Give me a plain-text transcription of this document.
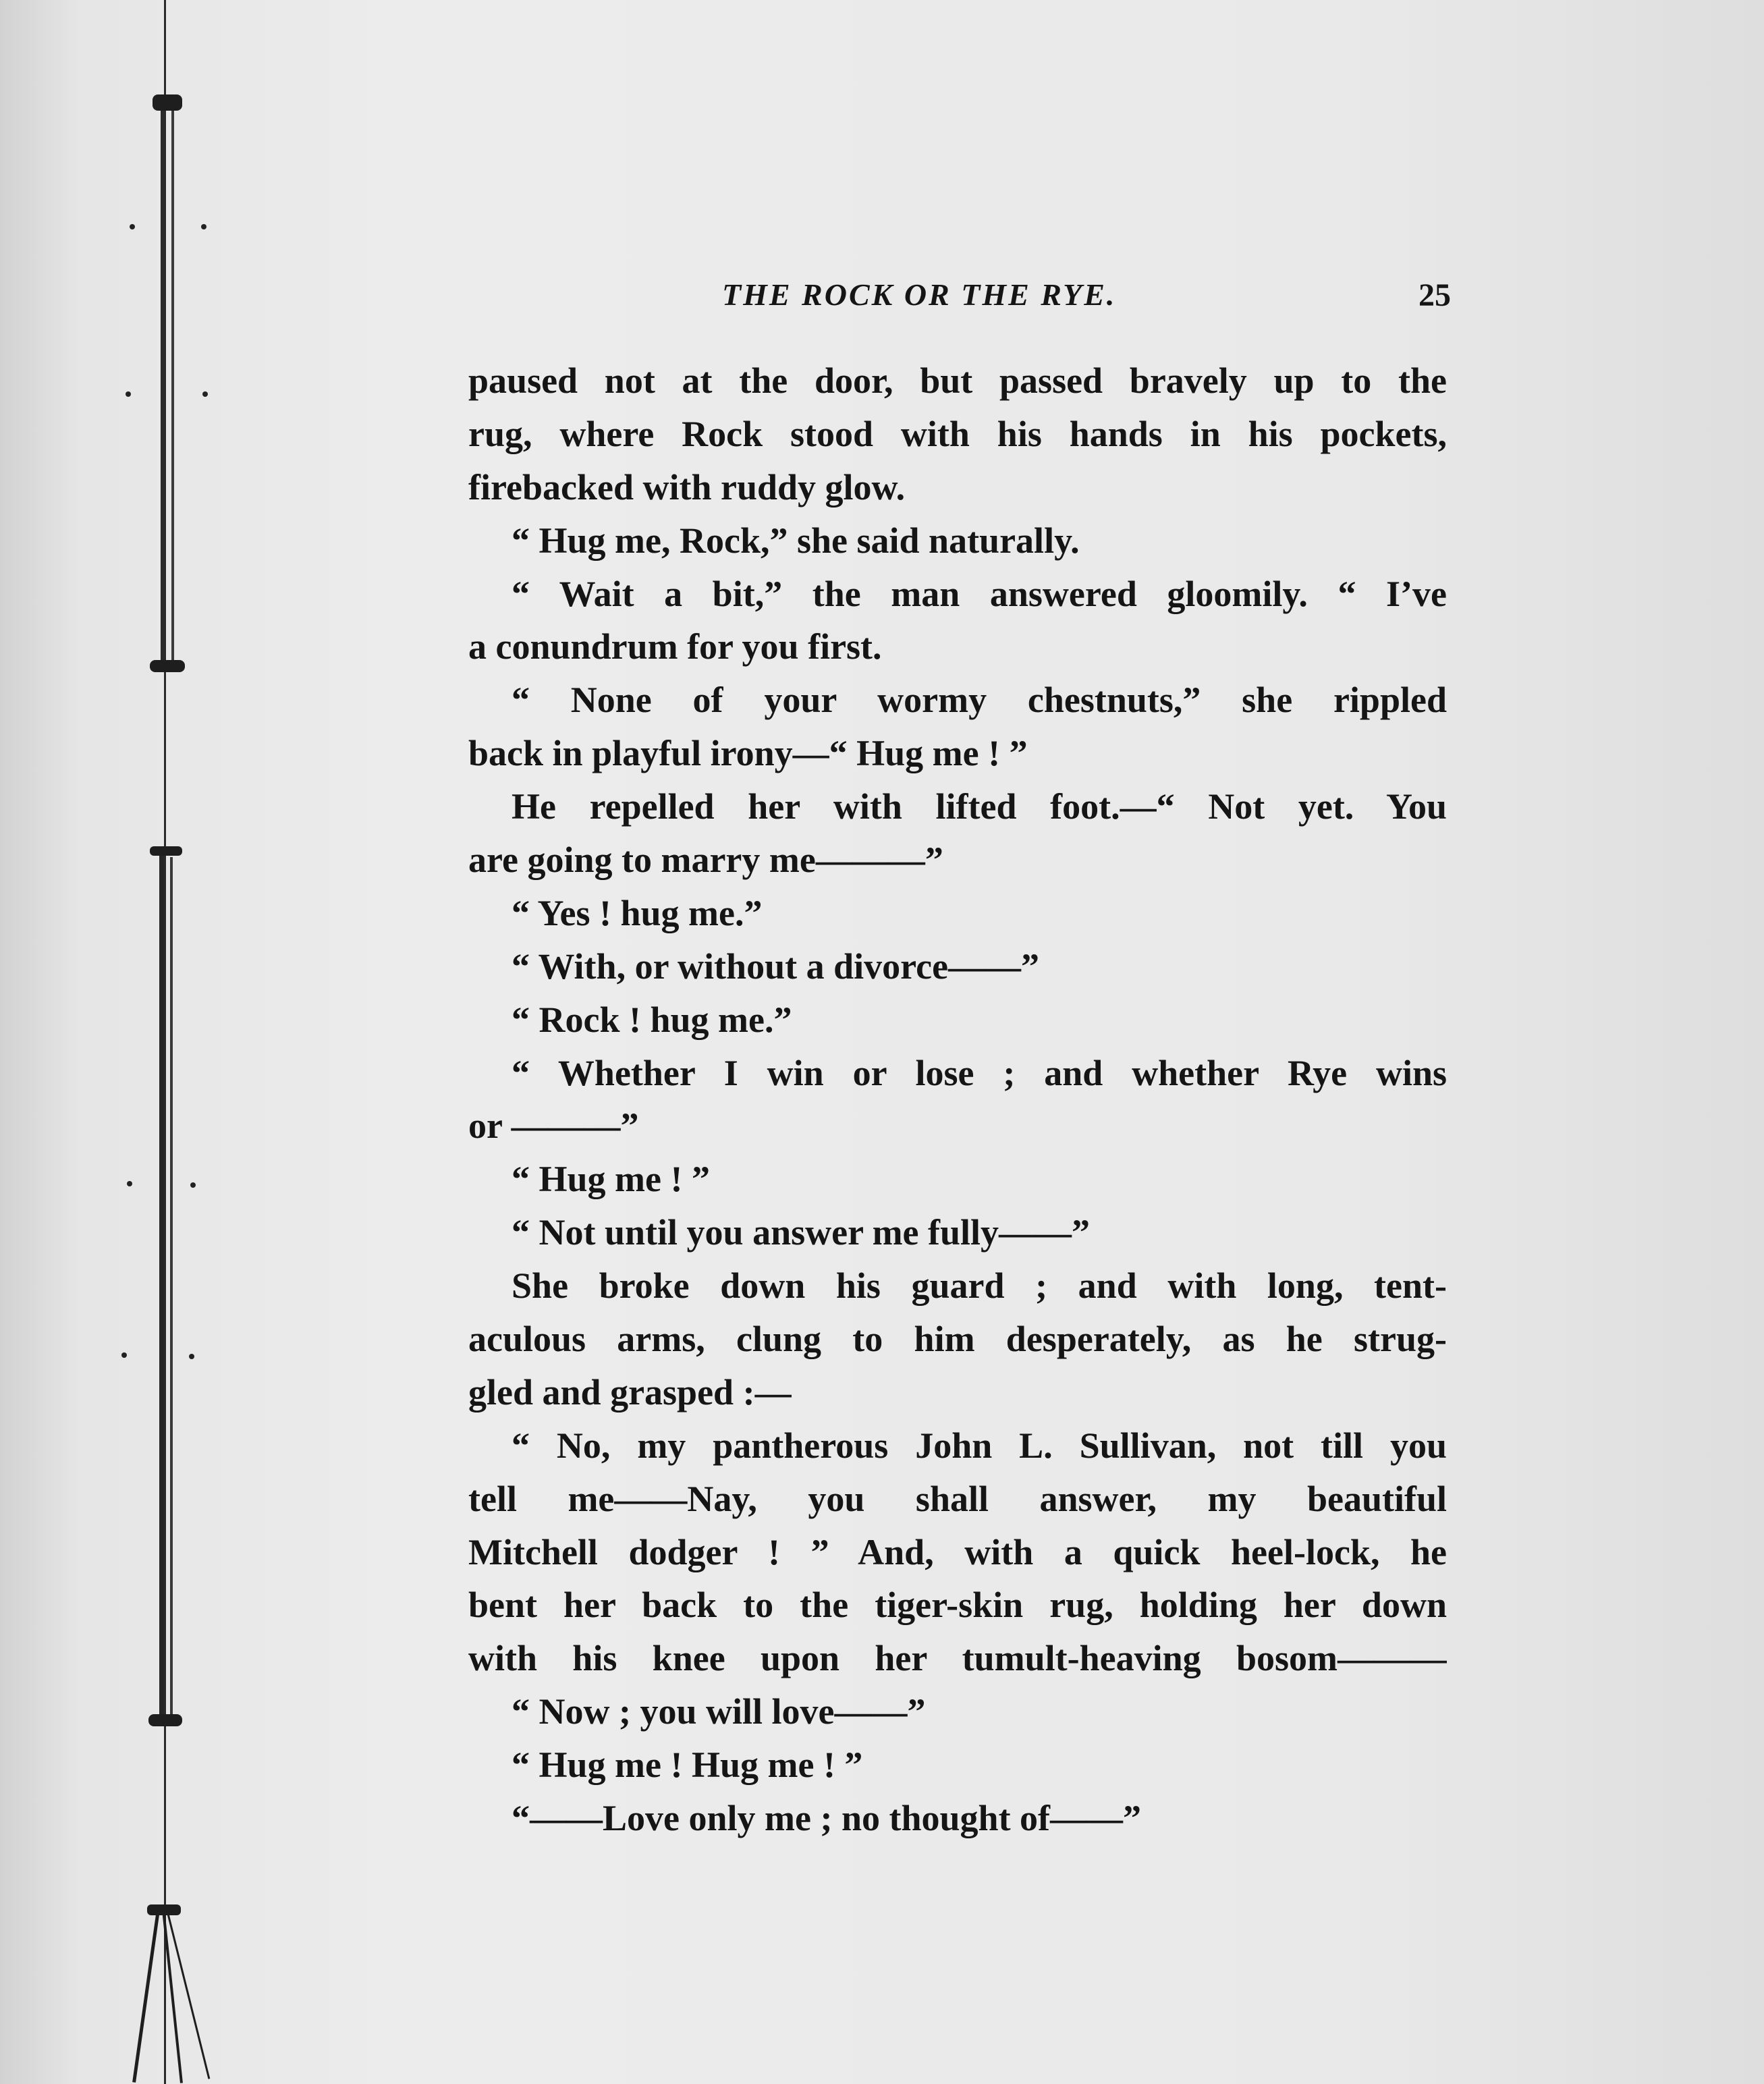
THE ROCK OR THE RYE.	25
paused not at the door, but passed bravely up to the
rug, where Rock stood with his hands in his pockets,
firebacked with ruddy glow.
“ Hug me, Rock,” she said naturally.
“ Wait a bit,” the man answered gloomily. “ I’ve
a conundrum for you first.
“ None of your wormy chestnuts,” she rippled
back in playful irony—“ Hug me ! ”
He repelled her with lifted foot.—“ Not yet. You
are going to marry me———”
“ Yes ! hug me.”
“ With, or without a divorce——”
“ Rock ! hug me.”
“ Whether I win or lose ; and whether Rye wins
or ———”
“ Hug me ! ”
“ Not until you answer me fully——”
She broke down his guard ; and with long, tent-
aculous arms, clung to him desperately, as he strug-
gled and grasped :—
“ No, my pantherous John L. Sullivan, not till you
tell me——Nay, you shall answer, my beautiful
Mitchell dodger ! ” And, with a quick heel-lock, he
bent her back to the tiger-skin rug, holding her down
with his knee upon her tumult-heaving bosom———
“ Now ; you will love——”
“ Hug me ! Hug me ! ”
“——Love only me ; no thought of——”
